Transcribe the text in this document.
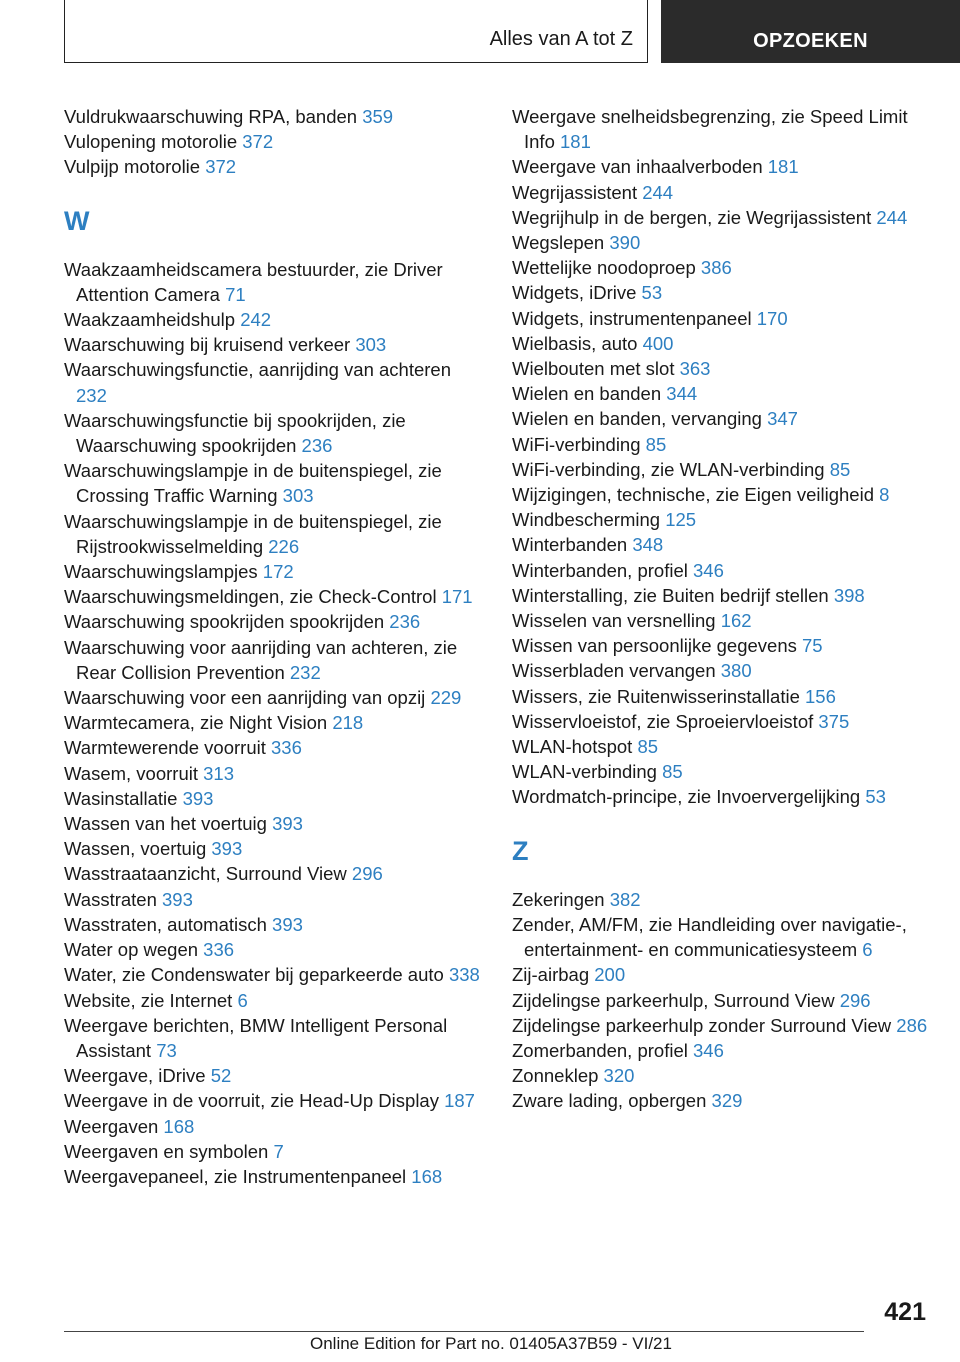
Alles van A tot Z	OPZOEKEN
Vuldrukwaarschuwing RPA, banden 359
Vulopening motorolie 372
Vulpijp motorolie 372
W
Waakzaamheidscamera bestuurder, zie Driver Attention Camera 71
Waakzaamheidshulp 242
Waarschuwing bij kruisend verkeer 303
Waarschuwingsfunctie, aanrijding van achteren 232
Waarschuwingsfunctie bij spookrijden, zie Waarschuwing spookrijden 236
Waarschuwingslampje in de buitenspiegel, zie Crossing Traffic Warning 303
Waarschuwingslampje in de buitenspiegel, zie Rijstrookwisselmelding 226
Waarschuwingslampjes 172
Waarschuwingsmeldingen, zie Check-Control 171
Waarschuwing spookrijden spookrijden 236
Waarschuwing voor aanrijding van achteren, zie Rear Collision Prevention 232
Waarschuwing voor een aanrijding van opzij 229
Warmtecamera, zie Night Vision 218
Warmtewerende voorruit 336
Wasem, voorruit 313
Wasinstallatie 393
Wassen van het voertuig 393
Wassen, voertuig 393
Wasstraataanzicht, Surround View 296
Wasstraten 393
Wasstraten, automatisch 393
Water op wegen 336
Water, zie Condenswater bij geparkeerde auto 338
Website, zie Internet 6
Weergave berichten, BMW Intelligent Personal Assistant 73
Weergave, iDrive 52
Weergave in de voorruit, zie Head-Up Display 187
Weergaven 168
Weergaven en symbolen 7
Weergavepaneel, zie Instrumentenpaneel 168
Weergave snelheidsbegrenzing, zie Speed Limit Info 181
Weergave van inhaalverboden 181
Wegrijassistent 244
Wegrijhulp in de bergen, zie Wegrijassistent 244
Wegslepen 390
Wettelijke noodoproep 386
Widgets, iDrive 53
Widgets, instrumentenpaneel 170
Wielbasis, auto 400
Wielbouten met slot 363
Wielen en banden 344
Wielen en banden, vervanging 347
WiFi-verbinding 85
WiFi-verbinding, zie WLAN-verbinding 85
Wijzigingen, technische, zie Eigen veiligheid 8
Windbescherming 125
Winterbanden 348
Winterbanden, profiel 346
Winterstalling, zie Buiten bedrijf stellen 398
Wisselen van versnelling 162
Wissen van persoonlijke gegevens 75
Wisserbladen vervangen 380
Wissers, zie Ruitenwisserinstallatie 156
Wisservloeistof, zie Sproeiervloeistof 375
WLAN-hotspot 85
WLAN-verbinding 85
Wordmatch-principe, zie Invoervergelijking 53
Z
Zekeringen 382
Zender, AM/FM, zie Handleiding over navigatie-, entertainment- en communicatiesysteem 6
Zij-airbag 200
Zijdelingse parkeerhulp, Surround View 296
Zijdelingse parkeerhulp zonder Surround View 286
Zomerbanden, profiel 346
Zonneklep 320
Zware lading, opbergen 329
421
Online Edition for Part no. 01405A37B59 - VI/21
